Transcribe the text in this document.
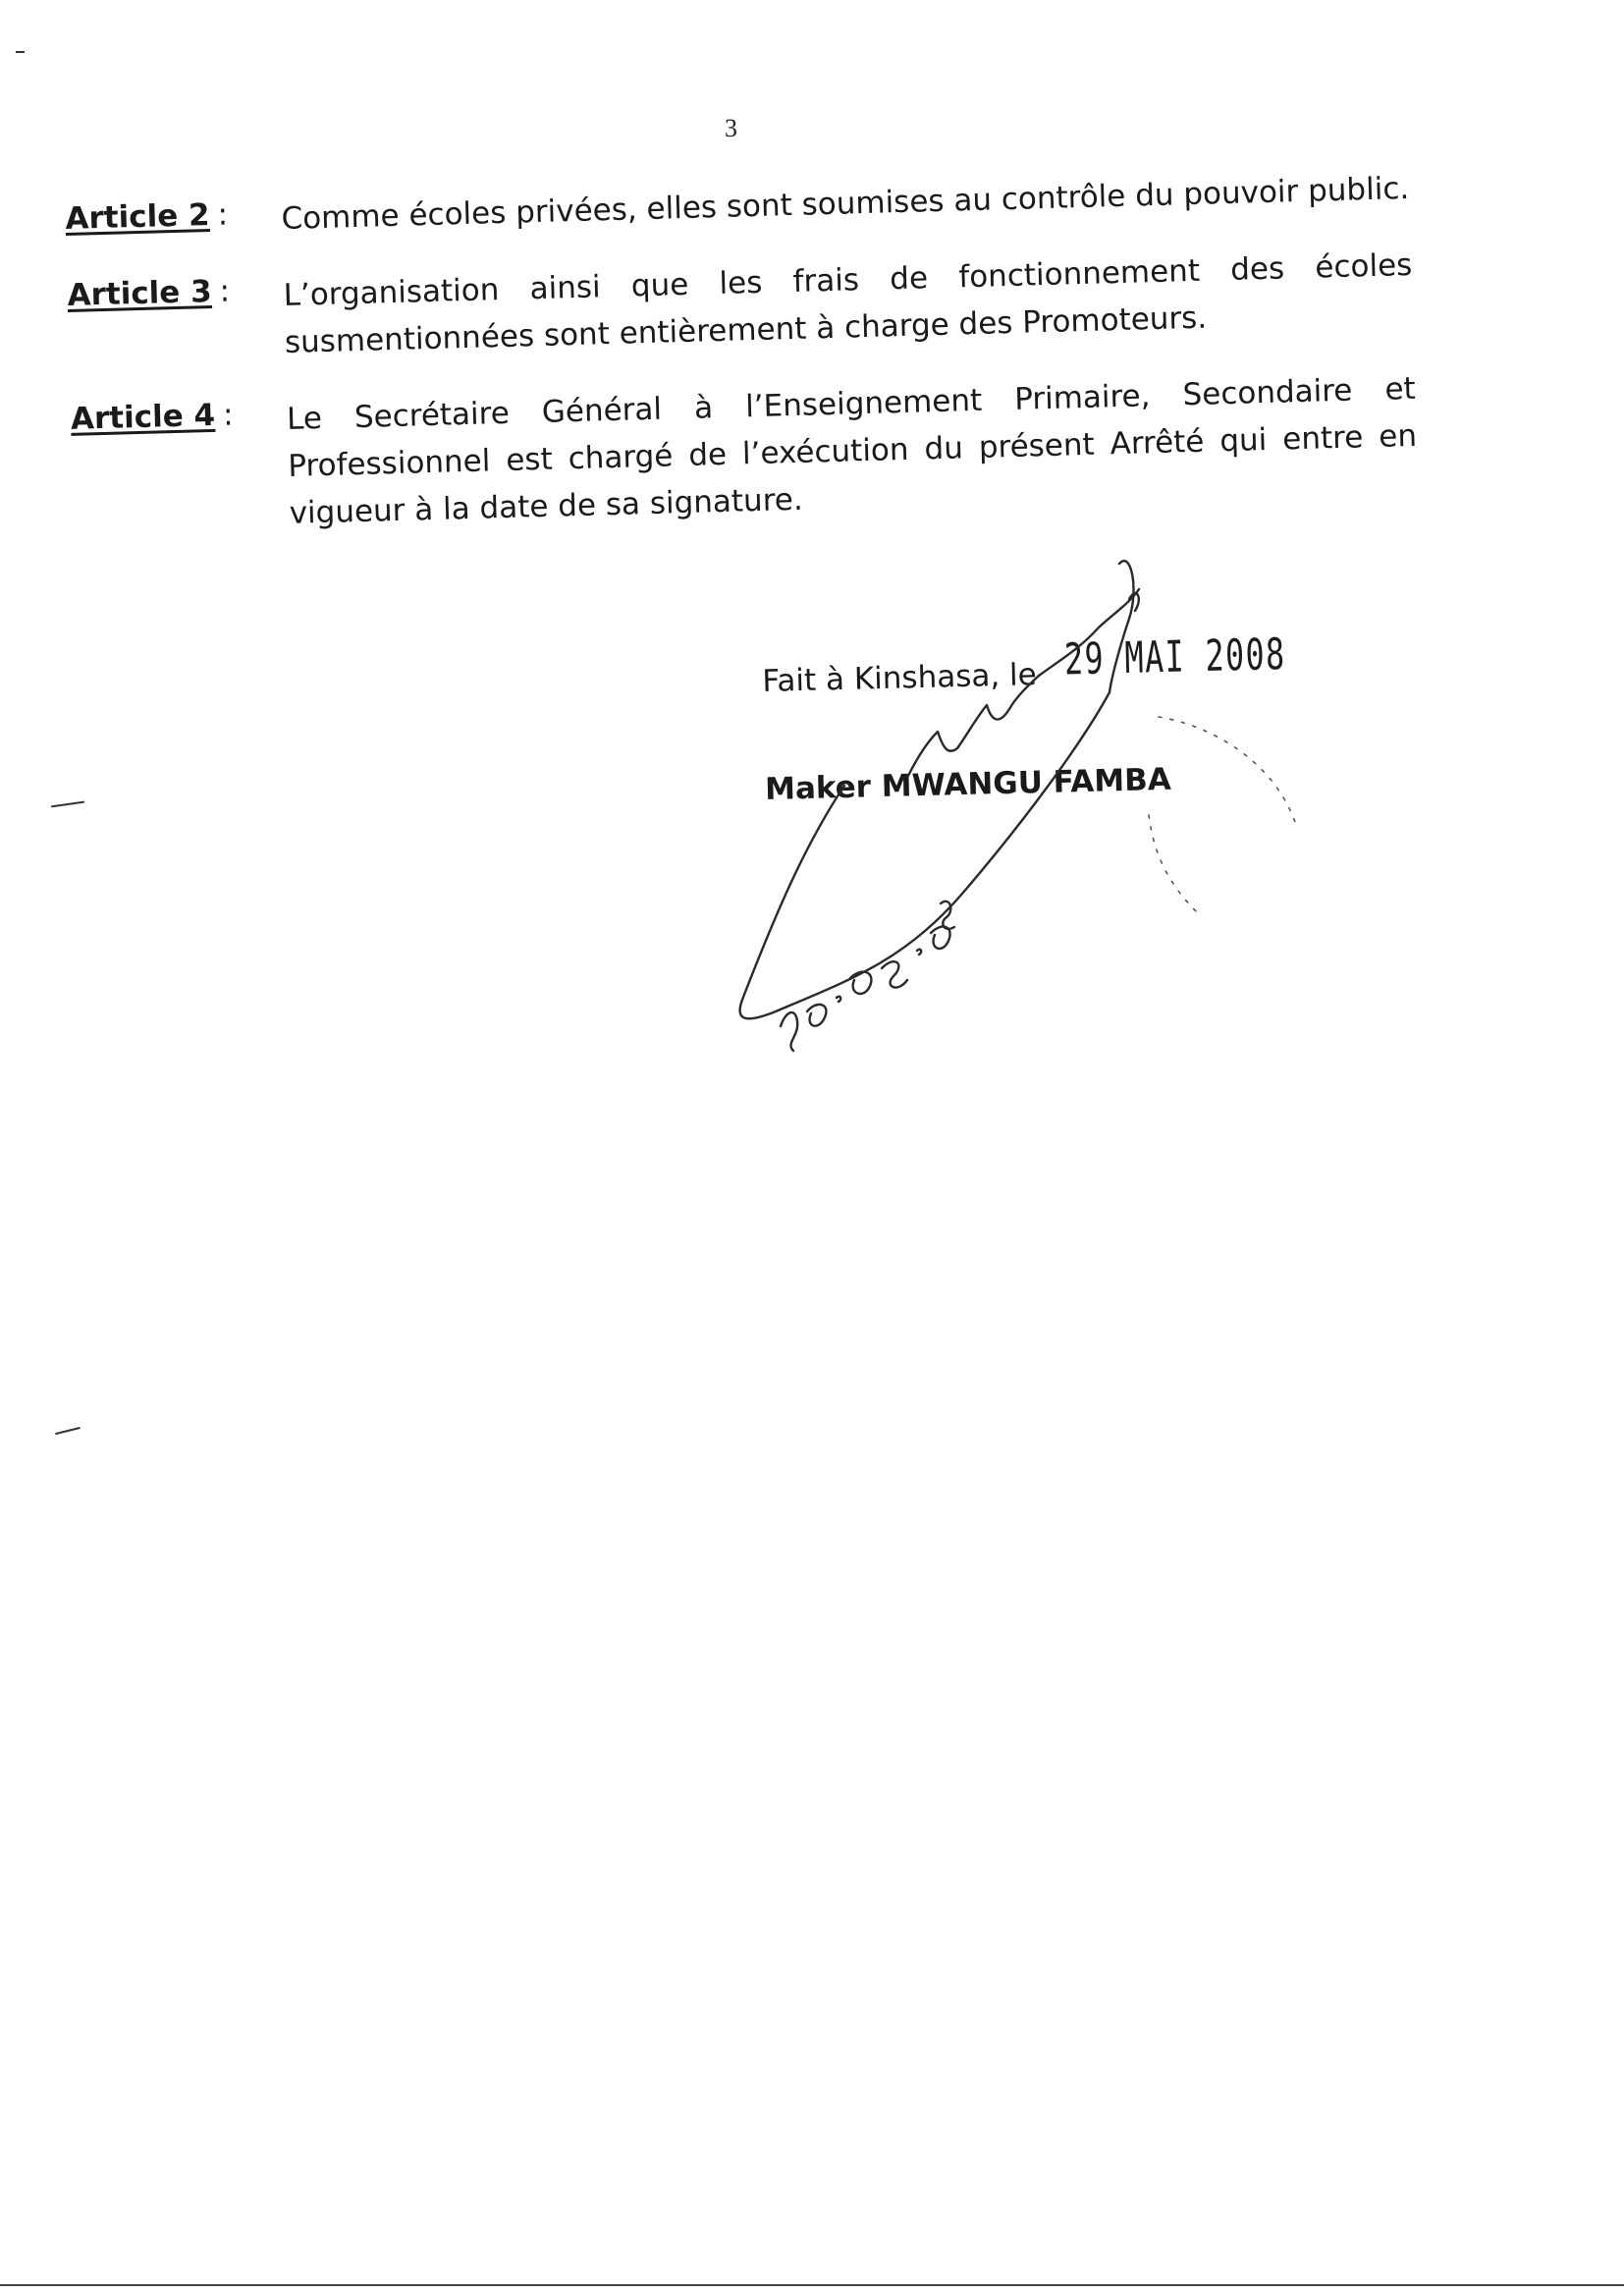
3
Article 2 :	Comme écoles privées, elles sont soumises au contrôle du pouvoir public.
Article 3 :	L’organisation ainsi que les frais de fonctionnement des écoles susmentionnées sont entièrement à charge des Promoteurs.
Article 4 :	Le Secrétaire Général à l’Enseignement Primaire, Secondaire et Professionnel est chargé de l’exécution du présent Arrêté qui entre en vigueur à la date de sa signature.
Fait à Kinshasa, le 29 MAI 2008
Maker MWANGU FAMBA
